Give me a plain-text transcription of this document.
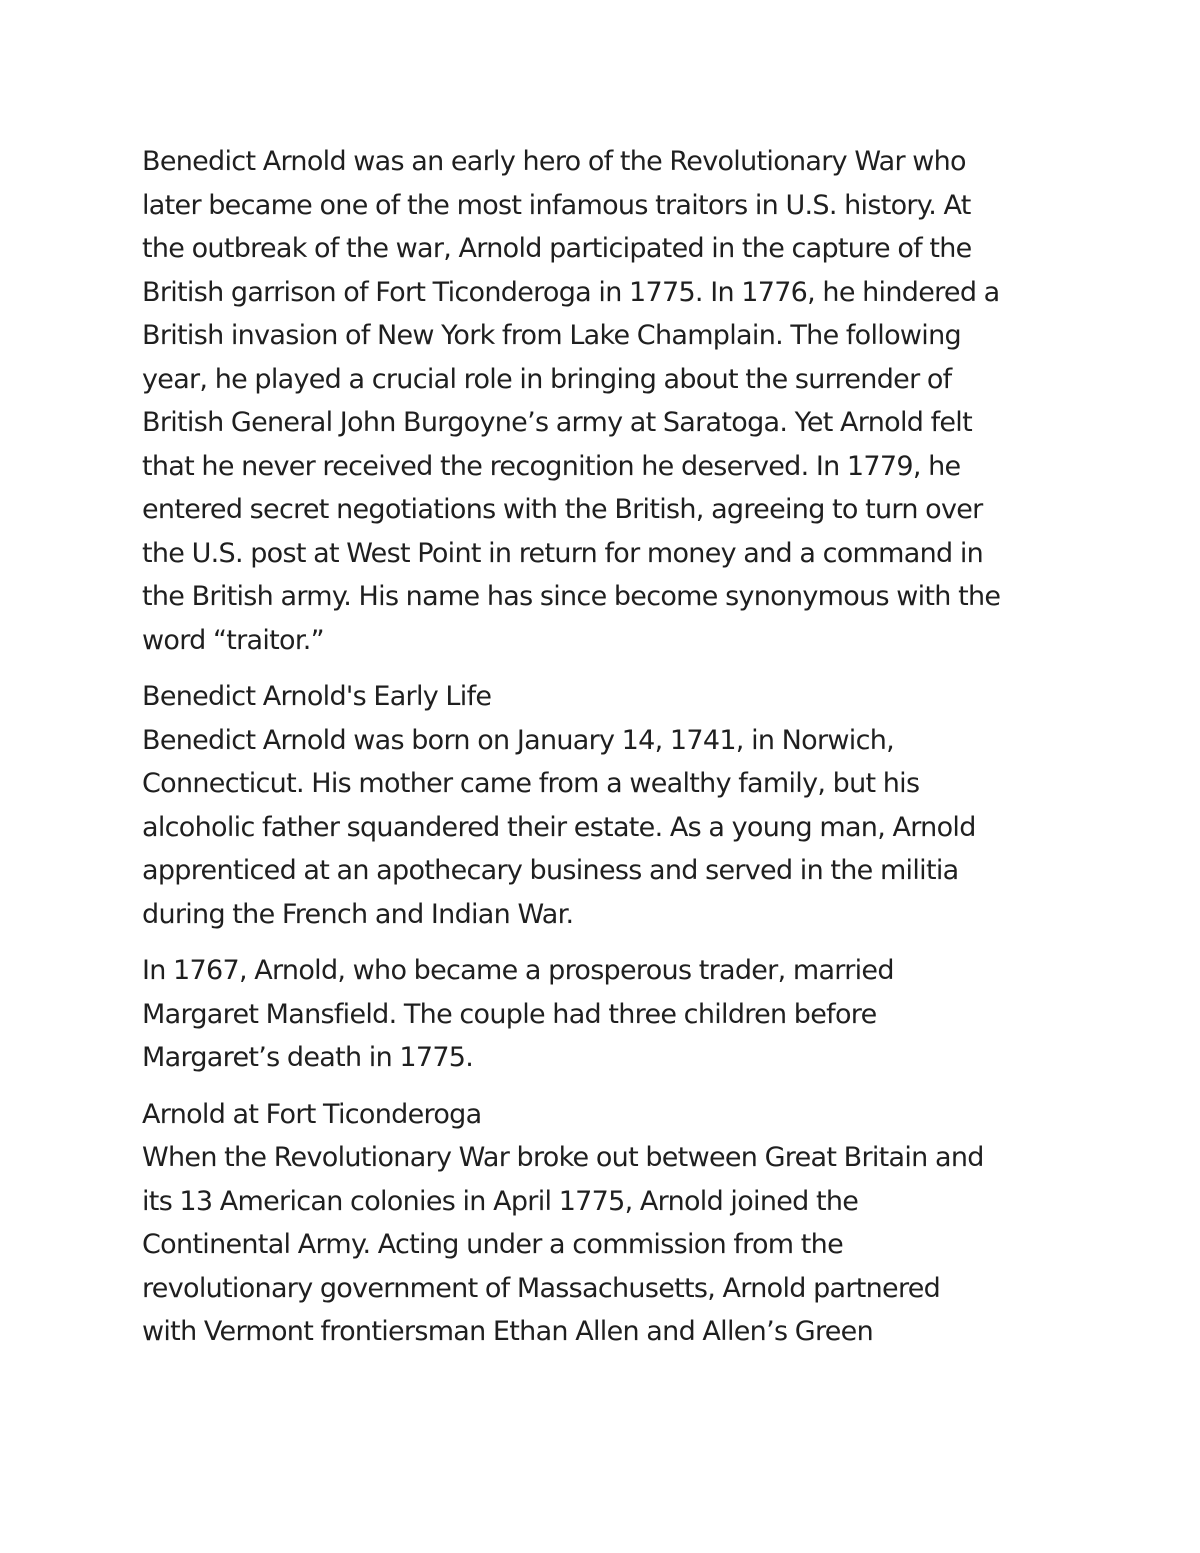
Benedict Arnold was an early hero of the Revolutionary War who
later became one of the most infamous traitors in U.S. history. At
the outbreak of the war, Arnold participated in the capture of the
British garrison of Fort Ticonderoga in 1775. In 1776, he hindered a
British invasion of New York from Lake Champlain. The following
year, he played a crucial role in bringing about the surrender of
British General John Burgoyne’s army at Saratoga. Yet Arnold felt
that he never received the recognition he deserved. In 1779, he
entered secret negotiations with the British, agreeing to turn over
the U.S. post at West Point in return for money and a command in
the British army. His name has since become synonymous with the
word “traitor.”
Benedict Arnold's Early Life
Benedict Arnold was born on January 14, 1741, in Norwich,
Connecticut. His mother came from a wealthy family, but his
alcoholic father squandered their estate. As a young man, Arnold
apprenticed at an apothecary business and served in the militia
during the French and Indian War.
In 1767, Arnold, who became a prosperous trader, married
Margaret Mansfield. The couple had three children before
Margaret’s death in 1775.
Arnold at Fort Ticonderoga
When the Revolutionary War broke out between Great Britain and
its 13 American colonies in April 1775, Arnold joined the
Continental Army. Acting under a commission from the
revolutionary government of Massachusetts, Arnold partnered
with Vermont frontiersman Ethan Allen and Allen’s Green
